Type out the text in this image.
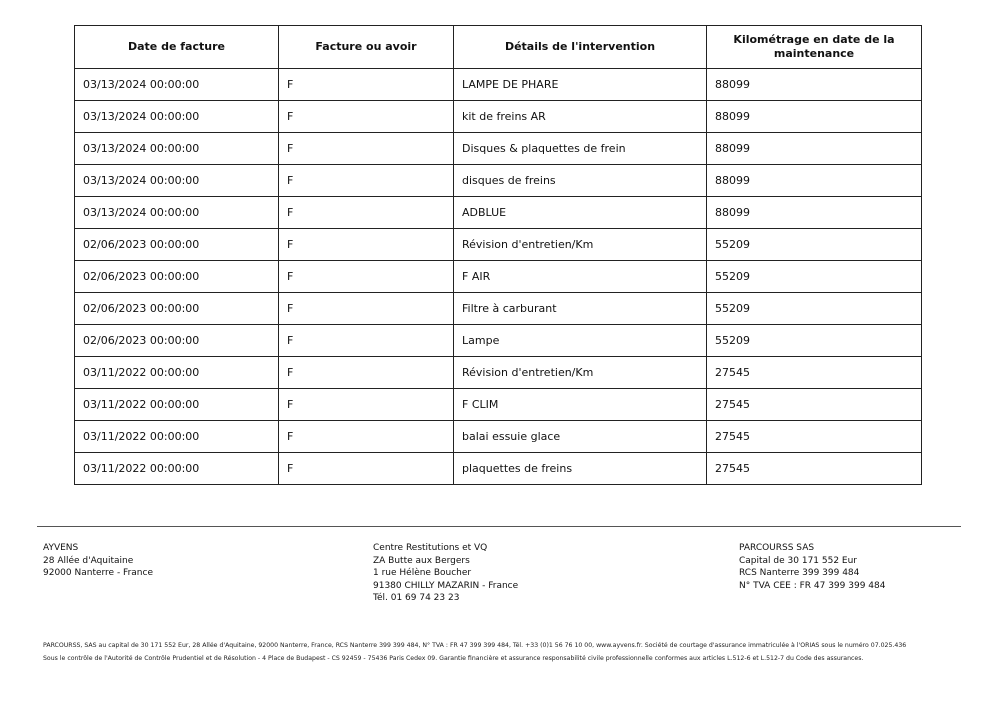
Date de facture	Facture ou avoir	Détails de l'intervention	Kilométrage en date de la maintenance
03/13/2024 00:00:00	F	LAMPE DE PHARE	88099
03/13/2024 00:00:00	F	kit de freins AR	88099
03/13/2024 00:00:00	F	Disques & plaquettes de frein	88099
03/13/2024 00:00:00	F	disques de freins	88099
03/13/2024 00:00:00	F	ADBLUE	88099
02/06/2023 00:00:00	F	Révision d'entretien/Km	55209
02/06/2023 00:00:00	F	F AIR	55209
02/06/2023 00:00:00	F	Filtre à carburant	55209
02/06/2023 00:00:00	F	Lampe	55209
03/11/2022 00:00:00	F	Révision d'entretien/Km	27545
03/11/2022 00:00:00	F	F CLIM	27545
03/11/2022 00:00:00	F	balai essuie glace	27545
03/11/2022 00:00:00	F	plaquettes de freins	27545
AYVENS
28 Allée d'Aquitaine
92000 Nanterre - France
Centre Restitutions et VQ
ZA Butte aux Bergers
1 rue Hélène Boucher
91380 CHILLY MAZARIN - France
Tél. 01 69 74 23 23
PARCOURSS SAS
Capital de 30 171 552 Eur
RCS Nanterre 399 399 484
N° TVA CEE : FR 47 399 399 484
PARCOURSS, SAS au capital de 30 171 552 Eur, 28 Allée d'Aquitaine, 92000 Nanterre, France, RCS Nanterre 399 399 484, N° TVA : FR 47 399 399 484, Tél. +33 (0)1 56 76 10 00, www.ayvens.fr. Société de courtage d'assurance immatriculée à l'ORIAS sous le numéro 07.025.436
Sous le contrôle de l'Autorité de Contrôle Prudentiel et de Résolution - 4 Place de Budapest - CS 92459 - 75436 Paris Cedex 09. Garantie financière et assurance responsabilité civile professionnelle conformes aux articles L.512-6 et L.512-7 du Code des assurances.
